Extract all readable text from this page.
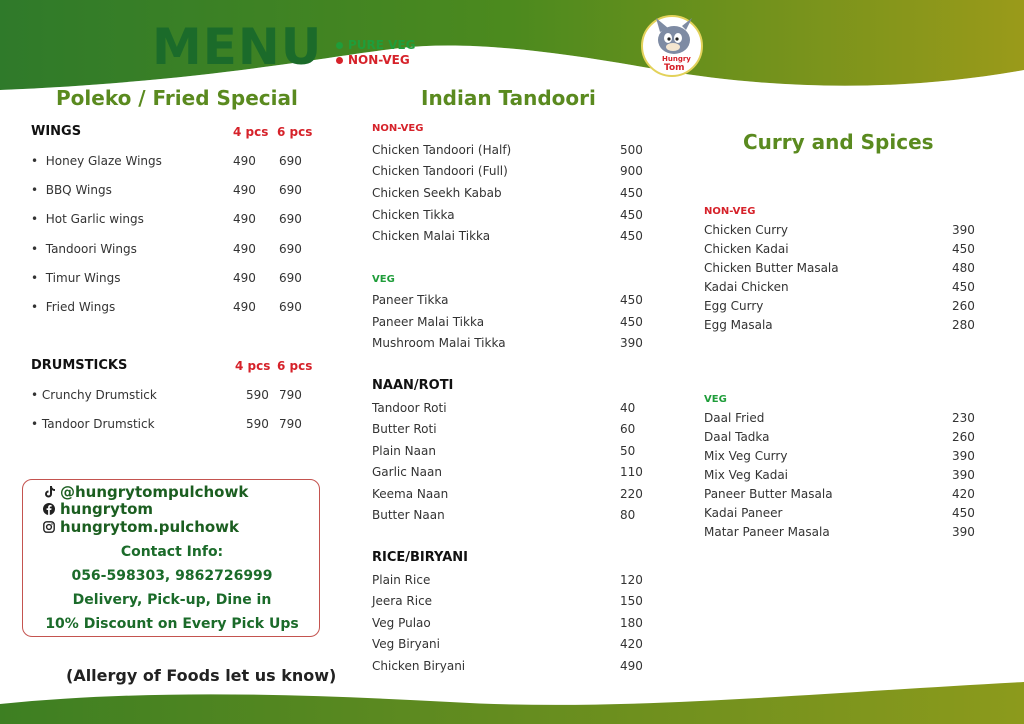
MENU PURE VEG
NON-VEG	Hungry
Tom
Poleko / Fried Special
WINGS	4 pcs 6 pcs
•  Honey Glaze Wings	490 690
•  BBQ Wings	490 690
•  Hot Garlic wings	490 690
•  Tandoori Wings	490 690
•  Timur Wings	490 690
•  Fried Wings	490 690
DRUMSTICKS	4 pcs 6 pcs
• Crunchy Drumstick	590 790
• Tandoor Drumstick	590 790
@hungrytompulchowk
hungrytom
hungrytom.pulchowk
Contact Info:
056-598303, 9862726999
Delivery, Pick-up, Dine in
10% Discount on Every Pick Ups
(Allergy of Foods let us know)
Indian Tandoori
NON-VEG
Chicken Tandoori (Half)	500
Chicken Tandoori (Full)	900
Chicken Seekh Kabab	450
Chicken Tikka	450
Chicken Malai Tikka	450
VEG
Paneer Tikka	450
Paneer Malai Tikka	450
Mushroom Malai Tikka	390
NAAN/ROTI
Tandoor Roti	40
Butter Roti	60
Plain Naan	50
Garlic Naan	110
Keema Naan	220
Butter Naan	80
RICE/BIRYANI
Plain Rice	120
Jeera Rice	150
Veg Pulao	180
Veg Biryani	420
Chicken Biryani	490
Curry and Spices
NON-VEG
Chicken Curry	390
Chicken Kadai	450
Chicken Butter Masala	480
Kadai Chicken	450
Egg Curry	260
Egg Masala	280
VEG
Daal Fried	230
Daal Tadka	260
Mix Veg Curry	390
Mix Veg Kadai	390
Paneer Butter Masala	420
Kadai Paneer	450
Matar Paneer Masala	390
